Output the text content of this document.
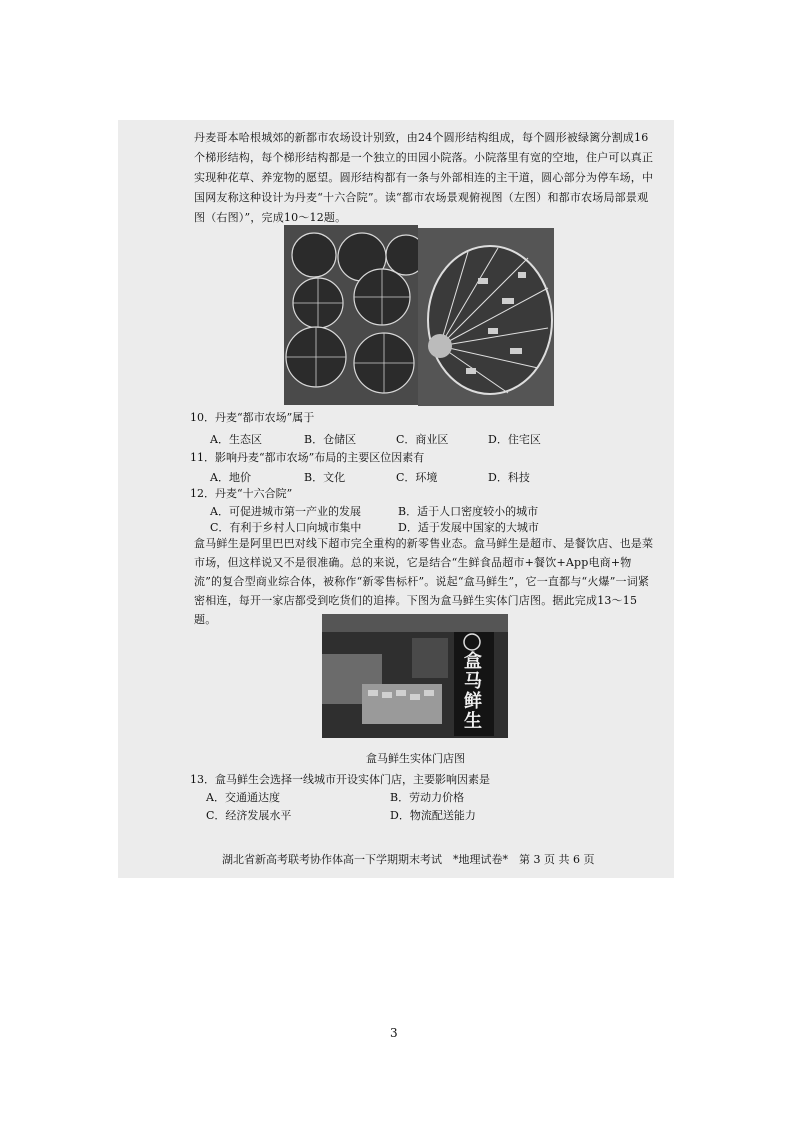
丹麦哥本哈根城郊的新都市农场设计别致，由24个圆形结构组成，每个圆形被绿篱分割成16个梯形结构，每个梯形结构都是一个独立的田园小院落。小院落里有宽的空地，住户可以真正实现种花草、养宠物的愿望。圆形结构都有一条与外部相连的主干道，圆心部分为停车场，中国网友称这种设计为丹麦“十六合院”。读“都市农场景观俯视图（左图）和都市农场局部景观图（右图）”，完成10～12题。
10．丹麦“都市农场”属于
A．生态区	B．仓储区	C．商业区	D．住宅区
11．影响丹麦“都市农场”布局的主要区位因素有
A．地价	B．文化	C．环境	D．科技
12．丹麦“十六合院”
A．可促进城市第一产业的发展	B．适于人口密度较小的城市
C．有利于乡村人口向城市集中	D．适于发展中国家的大城市
盒马鲜生是阿里巴巴对线下超市完全重构的新零售业态。盒马鲜生是超市、是餐饮店、也是菜市场，但这样说又不是很准确。总的来说，它是结合“生鲜食品超市+餐饮+App电商+物流”的复合型商业综合体，被称作“新零售标杆”。说起“盒马鲜生”，它一直都与“火爆”一词紧密相连，每开一家店都受到吃货们的追捧。下图为盒马鲜生实体门店图。据此完成13～15题。
盒
马
鲜
生
盒马鲜生实体门店图
13．盒马鲜生会选择一线城市开设实体门店，主要影响因素是
A．交通通达度	B．劳动力价格
C．经济发展水平	D．物流配送能力
湖北省新高考联考协作体高一下学期期末考试　*地理试卷*　第 3 页 共 6 页
3
